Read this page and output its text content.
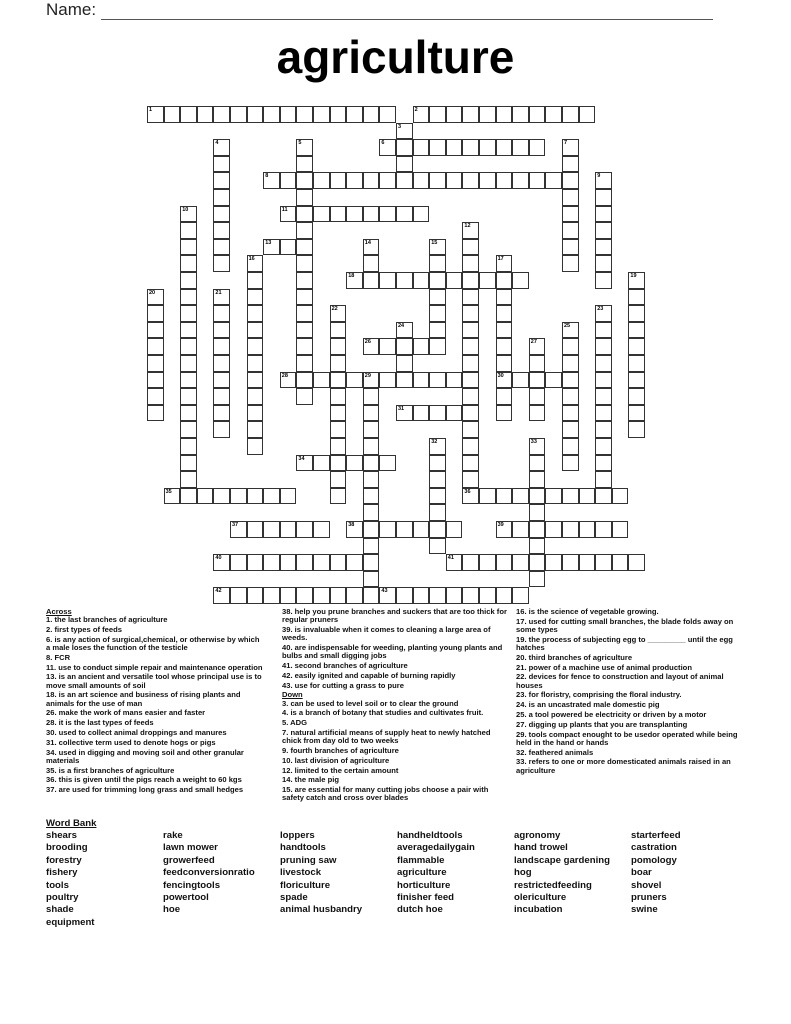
Name:
agriculture
1	2
3
4	5	6	7
8	9
10	11
12
36
13	14	15
16	17
30
18	19
20	21
22	23
24	25
26	27
28	29
31
32	33
34
35
37	38	39
40	41
42	43
Across
1. the last branches of agriculture
2. first types of feeds
6. is any action of surgical,chemical, or otherwise by which a male loses the function of the testicle
8. FCR
11. use to conduct simple repair and maintenance operation
13. is an ancient and versatile tool whose principal use is to move small amounts of soil
18. is an art science and business of rising plants and animals for the use of man
26. make the work of mans easier and faster
28. it is the last types of feeds
30. used to collect animal droppings and manures
31. collective term used to denote hogs or pigs
34. used in digging and moving soil and other granular materials
35. is a first branches of agriculture
36. this is given until the pigs reach a weight to 60 kgs
37. are used for trimming long grass and small hedges
38. help you prune branches and suckers that are too thick for regular pruners
39. is invaluable when it comes to cleaning a large area of weeds.
40. are indispensable for weeding, planting young plants and bulbs and small digging jobs
41. second branches of agriculture
42. easily ignited and capable of burning rapidly
43. use for cutting a grass to pure
Down
3. can be used to level soil or to clear the ground
4. is a branch of botany that studies and cultivates fruit.
5. ADG
7. natural artificial means of supply heat to newly hatched chick from day old to two weeks
9. fourth branches of agriculture
10. last division of agriculture
12. limited to the certain amount
14. the male pig
15. are essential for many cutting jobs choose a pair with safety catch and cross over blades
16. is the science of vegetable growing.
17. used for cutting small branches, the blade folds away on some types
19. the process of subjecting egg to _________ until the egg hatches
20. third branches of agriculture
21. power of a machine use of animal production
22. devices for fence to construction and layout of animal houses
23. for floristry, comprising the floral industry.
24. is an uncastrated male domestic pig
25. a tool powered be electricity or driven by a motor
27. digging up plants that you are transplanting
29. tools compact enought to be usedor operated while being held in the hand or hands
32. feathered animals
33. refers to one or more domesticated animals raised in an agriculture
Word Bank
shears
brooding
forestry
fishery
tools
poultry
shade
equipment
rake
lawn mower
growerfeed
feedconversionratio
fencingtools
powertool
hoe
loppers
handtools
pruning saw
livestock
floriculture
spade
animal husbandry
handheldtools
averagedailygain
flammable
agriculture
horticulture
finisher feed
dutch hoe
agronomy
hand trowel
landscape gardening
hog
restrictedfeeding
olericulture
incubation
starterfeed
castration
pomology
boar
shovel
pruners
swine
